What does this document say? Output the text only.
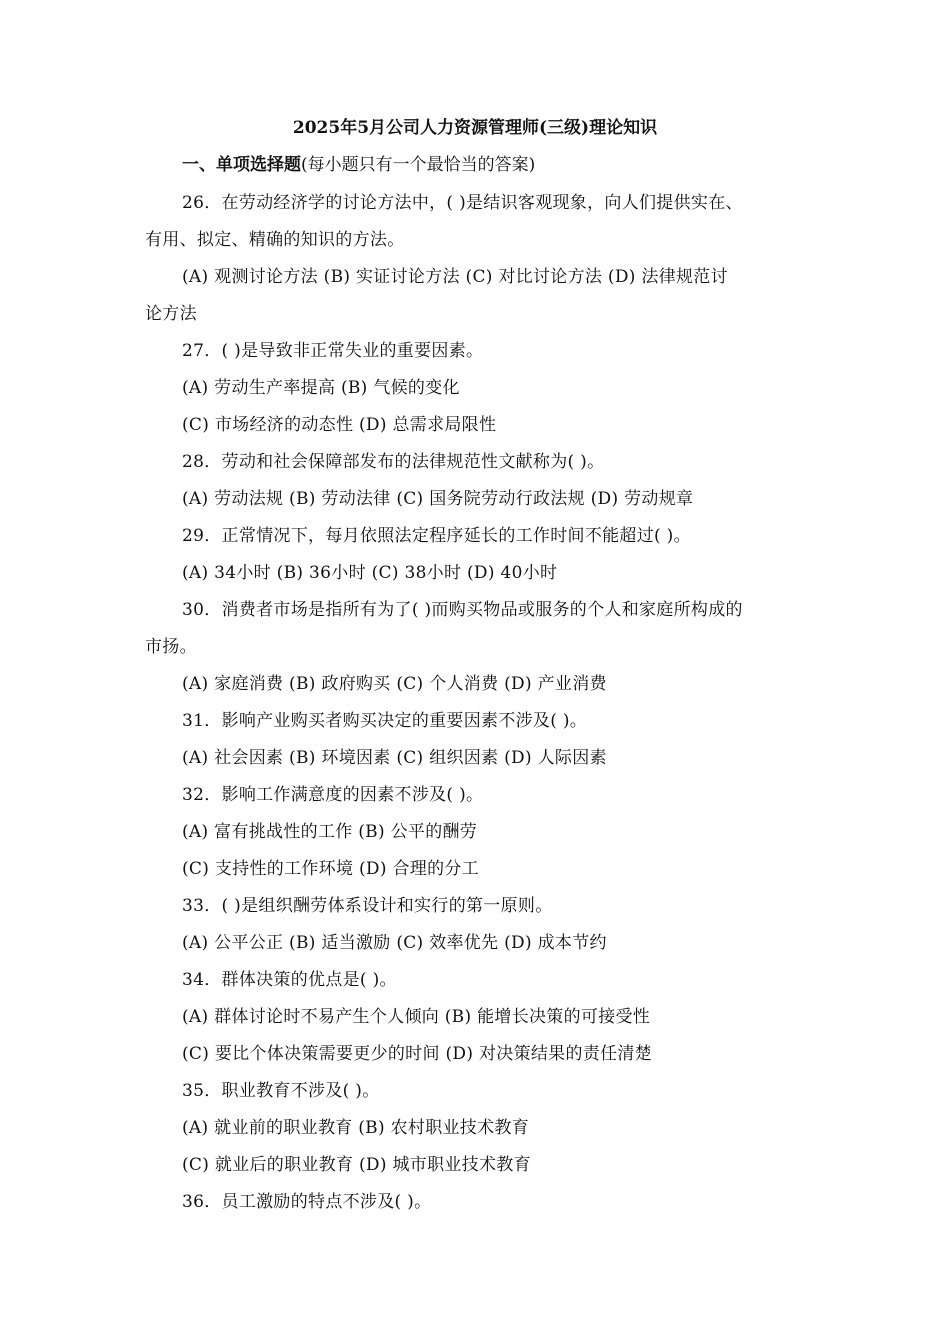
2025年5月公司人力资源管理师(三级)理论知识
一、单项选择题(每小题只有一个最恰当的答案)
26．在劳动经济学的讨论方法中，( )是结识客观现象，向人们提供实在、
有用、拟定、精确的知识的方法。
(A) 观测讨论方法 (B) 实证讨论方法 (C) 对比讨论方法 (D) 法律规范讨
论方法
27．( )是导致非正常失业的重要因素。
(A) 劳动生产率提高 (B) 气候的变化
(C) 市场经济的动态性 (D) 总需求局限性
28．劳动和社会保障部发布的法律规范性文献称为( )。
(A) 劳动法规 (B) 劳动法律 (C) 国务院劳动行政法规 (D) 劳动规章
29．正常情况下，每月依照法定程序延长的工作时间不能超过( )。
(A) 34小时 (B) 36小时 (C) 38小时 (D) 40小时
30．消费者市场是指所有为了( )而购买物品或服务的个人和家庭所构成的
市扬。
(A) 家庭消费 (B) 政府购买 (C) 个人消费 (D) 产业消费
31．影响产业购买者购买决定的重要因素不涉及( )。
(A) 社会因素 (B) 环境因素 (C) 组织因素 (D) 人际因素
32．影响工作满意度的因素不涉及( )。
(A) 富有挑战性的工作 (B) 公平的酬劳
(C) 支持性的工作环境 (D) 合理的分工
33．( )是组织酬劳体系设计和实行的第一原则。
(A) 公平公正 (B) 适当激励 (C) 效率优先 (D) 成本节约
34．群体决策的优点是( )。
(A) 群体讨论时不易产生个人倾向 (B) 能增长决策的可接受性
(C) 要比个体决策需要更少的时间 (D) 对决策结果的责任清楚
35．职业教育不涉及( )。
(A) 就业前的职业教育 (B) 农村职业技术教育
(C) 就业后的职业教育 (D) 城市职业技术教育
36．员工激励的特点不涉及( )。
